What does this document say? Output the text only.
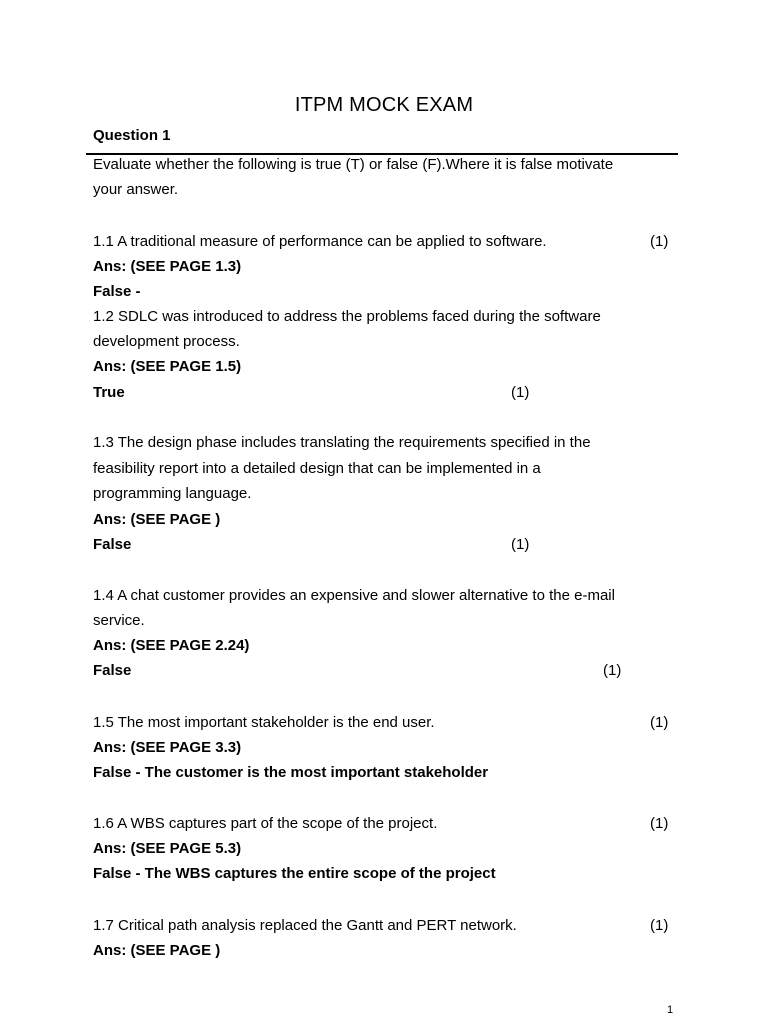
ITPM MOCK EXAM
Question 1
Evaluate whether the following is true (T) or false (F).Where it is false motivate
your answer.
1.1 A traditional measure of performance can be applied to software.	(1)
Ans: (SEE PAGE 1.3)
False -
1.2 SDLC was introduced to address the problems faced during the software
development process.
Ans: (SEE PAGE 1.5)
True	(1)
1.3 The design phase includes translating the requirements specified in the
feasibility report into a detailed design that can be implemented in a
programming language.
Ans: (SEE PAGE )
False	(1)
1.4 A chat customer provides an expensive and slower alternative to the e-mail
service.
Ans: (SEE PAGE 2.24)
False	(1)
1.5 The most important stakeholder is the end user.	(1)
Ans: (SEE PAGE 3.3)
False - The customer is the most important stakeholder
1.6 A WBS captures part of the scope of the project.	(1)
Ans: (SEE PAGE 5.3)
False - The WBS captures the entire scope of the project
1.7 Critical path analysis replaced the Gantt and PERT network.	(1)
Ans: (SEE PAGE )
1
